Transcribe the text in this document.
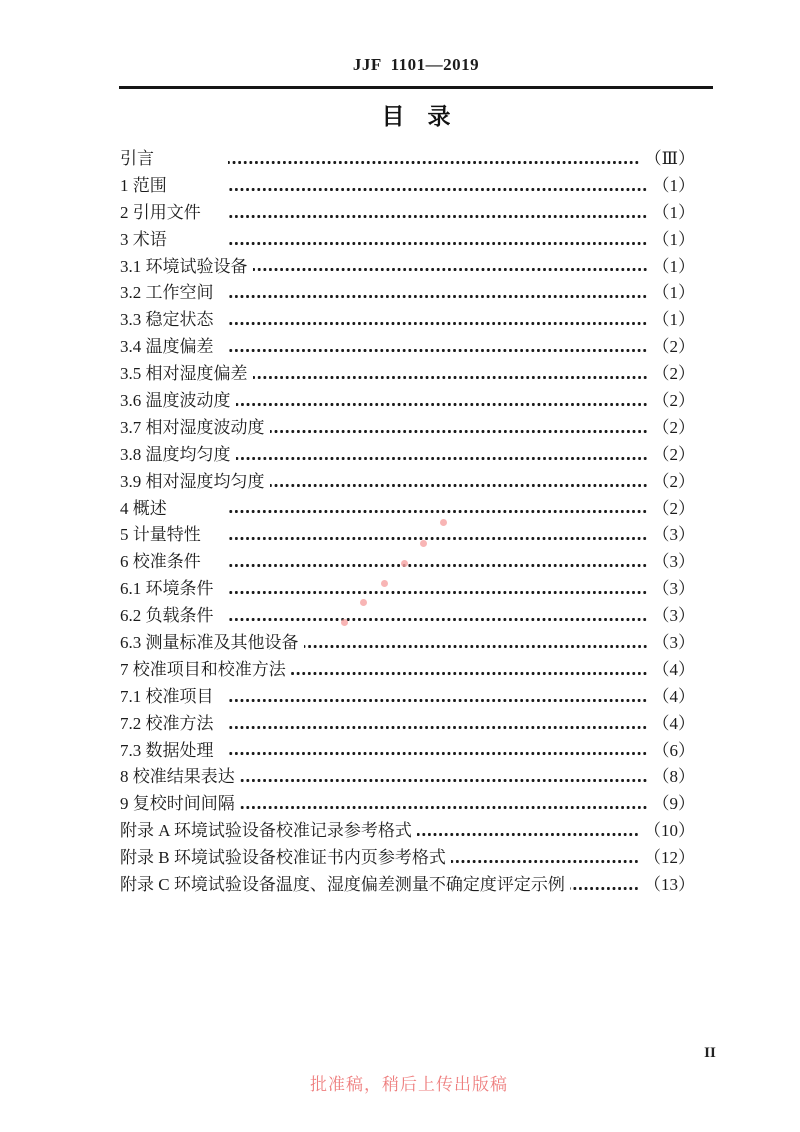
JJF  1101—2019
目　录
引言	（Ⅲ）
1 范围	（1）
2 引用文件	（1）
3 术语	（1）
3.1 环境试验设备	（1）
3.2 工作空间	（1）
3.3 稳定状态	（1）
3.4 温度偏差	（2）
3.5 相对湿度偏差	（2）
3.6 温度波动度	（2）
3.7 相对湿度波动度	（2）
3.8 温度均匀度	（2）
3.9 相对湿度均匀度	（2）
4 概述	（2）
5 计量特性	（3）
6 校准条件	（3）
6.1 环境条件	（3）
6.2 负载条件	（3）
6.3 测量标准及其他设备	（3）
7 校准项目和校准方法	（4）
7.1 校准项目	（4）
7.2 校准方法	（4）
7.3 数据处理	（6）
8 校准结果表达	（8）
9 复校时间间隔	（9）
附录 A 环境试验设备校准记录参考格式	（10）
附录 B 环境试验设备校准证书内页参考格式	（12）
附录 C 环境试验设备温度、湿度偏差测量不确定度评定示例	（13）
批准稿，稍后上传出版稿
II
